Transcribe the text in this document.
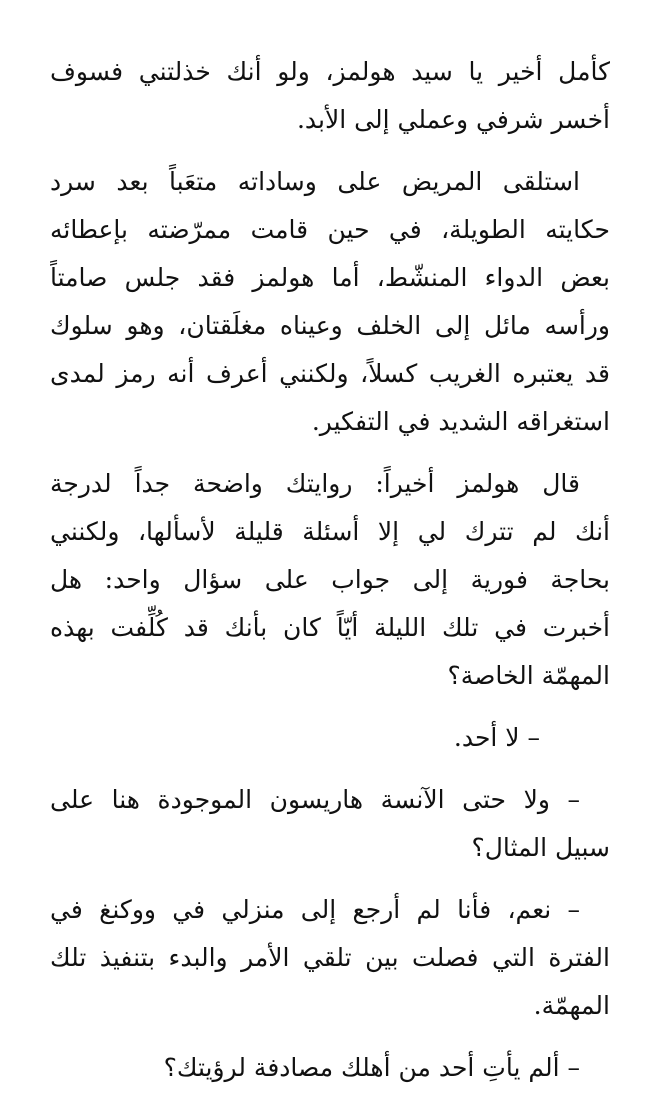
كأمل أخير يا سيد هولمز، ولو أنك خذلتني فسوف
أخسر شرفي وعملي إلى الأبد.

استلقى المريض على وساداته متعَباً بعد سرد
حكايته الطويلة، في حين قامت ممرّضته بإعطائه
بعض الدواء المنشّط، أما هولمز فقد جلس صامتاً
ورأسه مائل إلى الخلف وعيناه مغلَقتان، وهو سلوك
قد يعتبره الغريب كسلاً، ولكنني أعرف أنه رمز لمدى
استغراقه الشديد في التفكير.

قال هولمز أخيراً: روايتك واضحة جداً لدرجة
أنك لم تترك لي إلا أسئلة قليلة لأسألها، ولكنني
بحاجة فورية إلى جواب على سؤال واحد: هل
أخبرت في تلك الليلة أيّاً كان بأنك قد كُلِّفت بهذه
المهمّة الخاصة؟

– لا أحد.

– ولا حتى الآنسة هاريسون الموجودة هنا على
سبيل المثال؟

– نعم، فأنا لم أرجع إلى منزلي في ووكنغ في
الفترة التي فصلت بين تلقي الأمر والبدء بتنفيذ تلك
المهمّة.

– ألم يأتِ أحد من أهلك مصادفة لرؤيتك؟
